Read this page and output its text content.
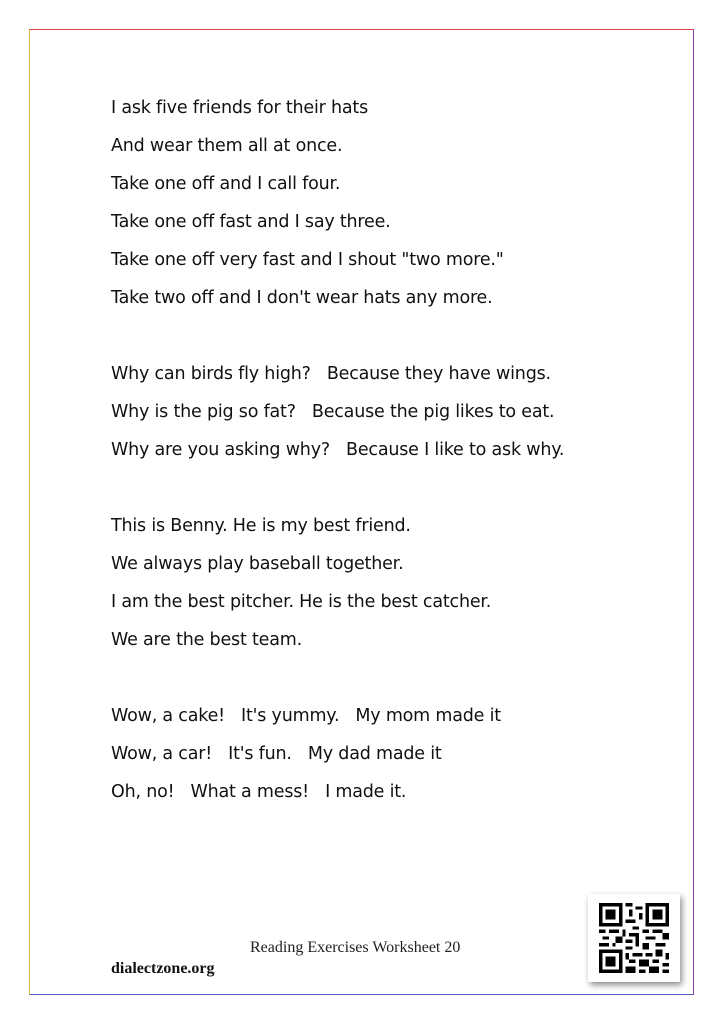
I ask five friends for their hats
And wear them all at once.
Take one off and I call four.
Take one off fast and I say three.
Take one off very fast and I shout "two more."
Take two off and I don't wear hats any more.
Why can birds fly high?   Because they have wings.
Why is the pig so fat?   Because the pig likes to eat.
Why are you asking why?   Because I like to ask why.
This is Benny. He is my best friend.
We always play baseball together.
I am the best pitcher. He is the best catcher.
We are the best team.
Wow, a cake!   It's yummy.   My mom made it
Wow, a car!   It's fun.   My dad made it
Oh, no!   What a mess!   I made it.
Reading Exercises Worksheet 20
dialectzone.org
